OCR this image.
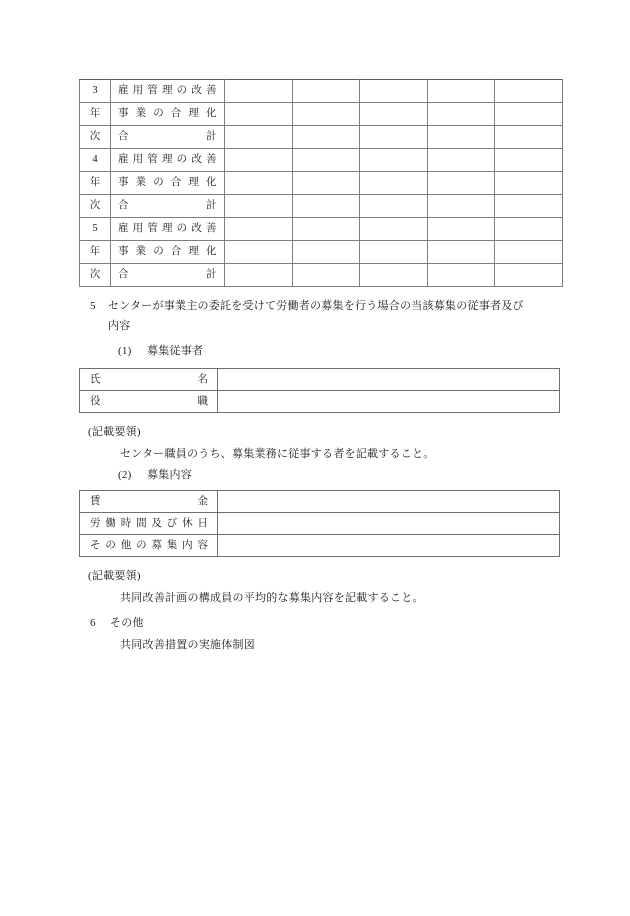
3	雇用管理の改善					

年	事業の合理化					

次	合計					

4	雇用管理の改善					

年	事業の合理化					

次	合計					

5	雇用管理の改善					

年	事業の合理化					

次	合計					

5 センターが事業主の委託を受けて労働者の募集を行う場合の当該募集の従事者及び
内容
(1) 募集従事者
氏名	

役職	

(記載要領)
センター職員のうち、募集業務に従事する者を記載すること。
(2) 募集内容
賃金	

労働時間及び休日	

その他の募集内容	

(記載要領)
共同改善計画の構成員の平均的な募集内容を記載すること。
6 その他
共同改善措置の実施体制図
